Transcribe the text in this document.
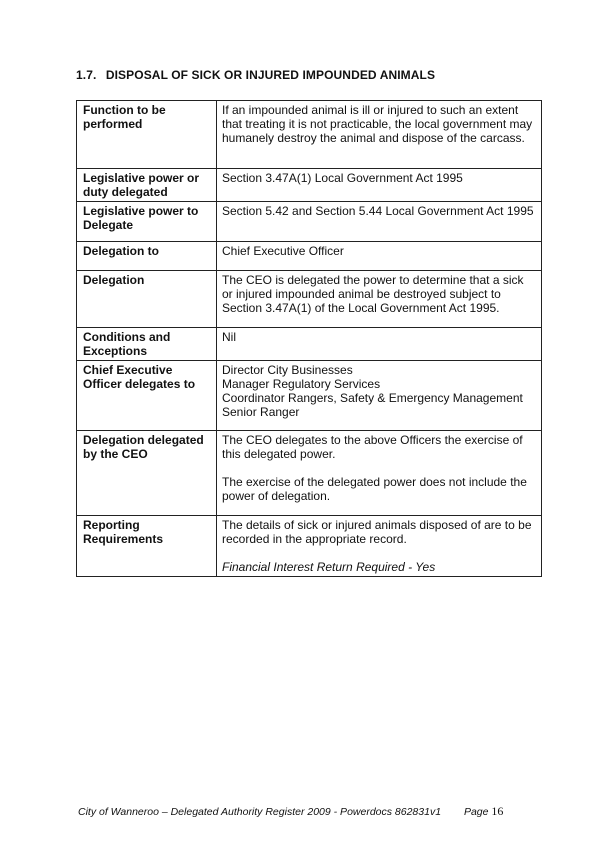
1.7. DISPOSAL OF SICK OR INJURED IMPOUNDED ANIMALS
Function to be performed	If an impounded animal is ill or injured to such an extent that treating it is not practicable, the local government may humanely destroy the animal and dispose of the carcass.
Legislative power or duty delegated	Section 3.47A(1) Local Government Act 1995
Legislative power to Delegate	Section 5.42 and Section 5.44 Local Government Act 1995
Delegation to	Chief Executive Officer
Delegation	The CEO is delegated the power to determine that a sick or injured impounded animal be destroyed subject to Section 3.47A(1) of the Local Government Act 1995.
Conditions and Exceptions	Nil
Chief Executive Officer delegates to	Director City Businesses
Manager Regulatory Services
Coordinator Rangers, Safety & Emergency Management
Senior Ranger

Delegation delegated by the CEO	The CEO delegates to the above Officers the exercise of this delegated power.
The exercise of the delegated power does not include the power of delegation.

Reporting Requirements	The details of sick or injured animals disposed of are to be recorded in the appropriate record.
Financial Interest Return Required - Yes
City of Wanneroo – Delegated Authority Register 2009 - Powerdocs 862831v1 Page 16
